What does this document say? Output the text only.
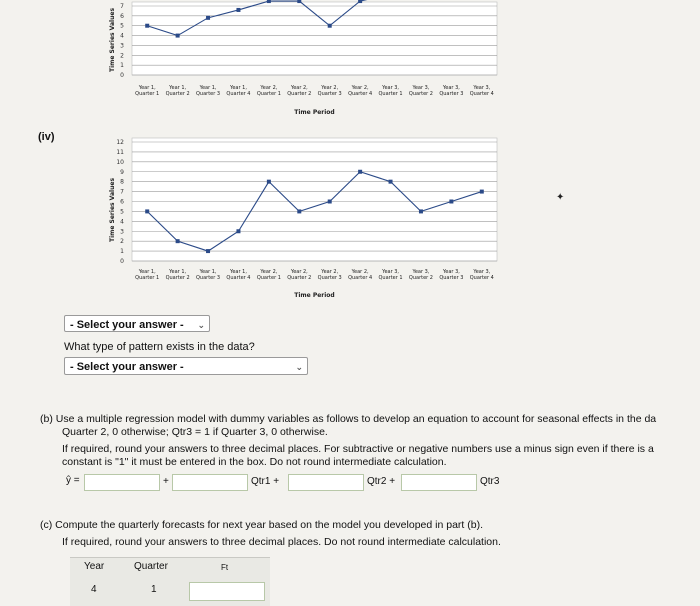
0
1
2
3
4
5
6
7
Time Series Values
Year 1,
Quarter 1
Year 1,
Quarter 2
Year 1,
Quarter 3
Year 1,
Quarter 4
Year 2,
Quarter 1
Year 2,
Quarter 2
Year 2,
Quarter 3
Year 2,
Quarter 4
Year 3,
Quarter 1
Year 3,
Quarter 2
Year 3,
Quarter 3
Year 3,
Quarter 4
Time Period
(iv)
0
1
2
3
4
5
6
7
8
9
10
11
12
Time Series Values
Year 1,
Quarter 1
Year 1,
Quarter 2
Year 1,
Quarter 3
Year 1,
Quarter 4
Year 2,
Quarter 1
Year 2,
Quarter 2
Year 2,
Quarter 3
Year 2,
Quarter 4
Year 3,
Quarter 1
Year 3,
Quarter 2
Year 3,
Quarter 3
Year 3,
Quarter 4
Time Period
- Select your answer - ⌄
What type of pattern exists in the data?
- Select your answer -	⌄
✦
(b) Use a multiple regression model with dummy variables as follows to develop an equation to account for seasonal effects in the da
Quarter 2, 0 otherwise; Qtr3 = 1 if Quarter 3, 0 otherwise.
If required, round your answers to three decimal places. For subtractive or negative numbers use a minus sign even if there is a
constant is "1" it must be entered in the box. Do not round intermediate calculation.
ŷ =	+	Qtr1 +	Qtr2 +	Qtr3
(c) Compute the quarterly forecasts for next year based on the model you developed in part (b).
If required, round your answers to three decimal places. Do not round intermediate calculation.
Year	Quarter	Ft
4	1
